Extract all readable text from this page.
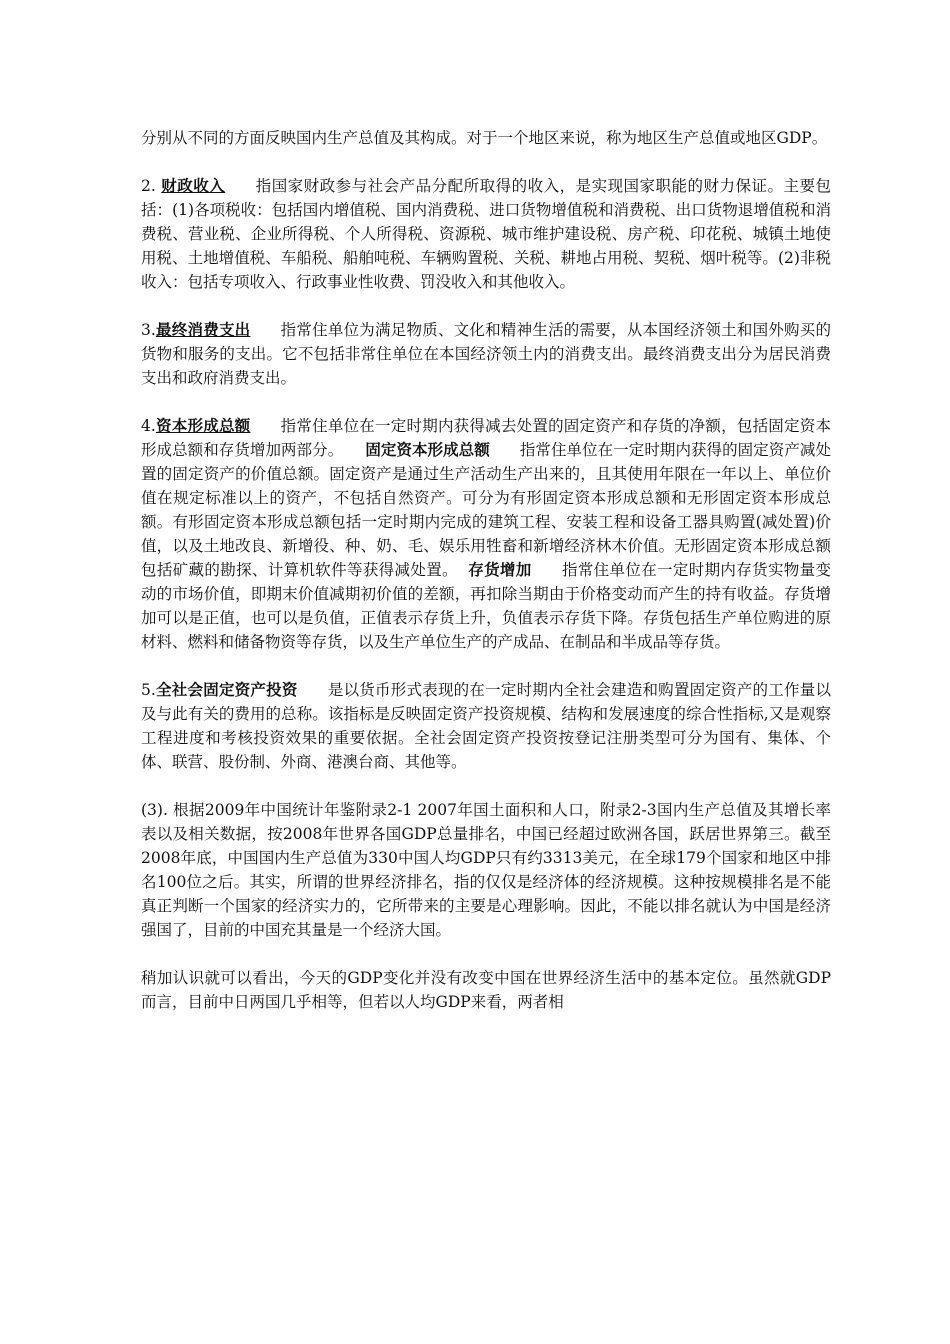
分别从不同的方面反映国内生产总值及其构成。对于一个地区来说，称为地区生产总值或地区GDP。

2. 财政收入 指国家财政参与社会产品分配所取得的收入，是实现国家职能的财力保证。主要包括：(1)各项税收：包括国内增值税、国内消费税、进口货物增值税和消费税、出口货物退增值税和消费税、营业税、企业所得税、个人所得税、资源税、城市维护建设税、房产税、印花税、城镇土地使用税、土地增值税、车船税、船舶吨税、车辆购置税、关税、耕地占用税、契税、烟叶税等。(2)非税收入：包括专项收入、行政事业性收费、罚没收入和其他收入。

3.最终消费支出 指常住单位为满足物质、文化和精神生活的需要，从本国经济领土和国外购买的货物和服务的支出。它不包括非常住单位在本国经济领土内的消费支出。最终消费支出分为居民消费支出和政府消费支出。

4.资本形成总额 指常住单位在一定时期内获得减去处置的固定资产和存货的净额，包括固定资本形成总额和存货增加两部分。 固定资本形成总额 指常住单位在一定时期内获得的固定资产减处置的固定资产的价值总额。固定资产是通过生产活动生产出来的，且其使用年限在一年以上、单位价值在规定标准以上的资产，不包括自然资产。可分为有形固定资本形成总额和无形固定资本形成总额。有形固定资本形成总额包括一定时期内完成的建筑工程、安装工程和设备工器具购置(减处置)价值，以及土地改良、新增役、种、奶、毛、娱乐用牲畜和新增经济林木价值。无形固定资本形成总额包括矿藏的勘探、计算机软件等获得减处置。 存货增加 指常住单位在一定时期内存货实物量变动的市场价值，即期末价值减期初价值的差额，再扣除当期由于价格变动而产生的持有收益。存货增加可以是正值，也可以是负值，正值表示存货上升，负值表示存货下降。存货包括生产单位购进的原材料、燃料和储备物资等存货，以及生产单位生产的产成品、在制品和半成品等存货。

5.全社会固定资产投资 是以货币形式表现的在一定时期内全社会建造和购置固定资产的工作量以及与此有关的费用的总称。该指标是反映固定资产投资规模、结构和发展速度的综合性指标,又是观察工程进度和考核投资效果的重要依据。全社会固定资产投资按登记注册类型可分为国有、集体、个体、联营、股份制、外商、港澳台商、其他等。

(3). 根据2009年中国统计年鉴附录2-1 2007年国土面积和人口，附录2-3国内生产总值及其增长率表以及相关数据，按2008年世界各国GDP总量排名，中国已经超过欧洲各国，跃居世界第三。截至2008年底，中国国内生产总值为330中国人均GDP只有约3313美元，在全球179个国家和地区中排名100位之后。其实，所谓的世界经济排名，指的仅仅是经济体的经济规模。这种按规模排名是不能真正判断一个国家的经济实力的，它所带来的主要是心理影响。因此，不能以排名就认为中国是经济强国了，目前的中国充其量是一个经济大国。

稍加认识就可以看出，今天的GDP变化并没有改变中国在世界经济生活中的基本定位。虽然就GDP而言，目前中日两国几乎相等，但若以人均GDP来看，两者相
